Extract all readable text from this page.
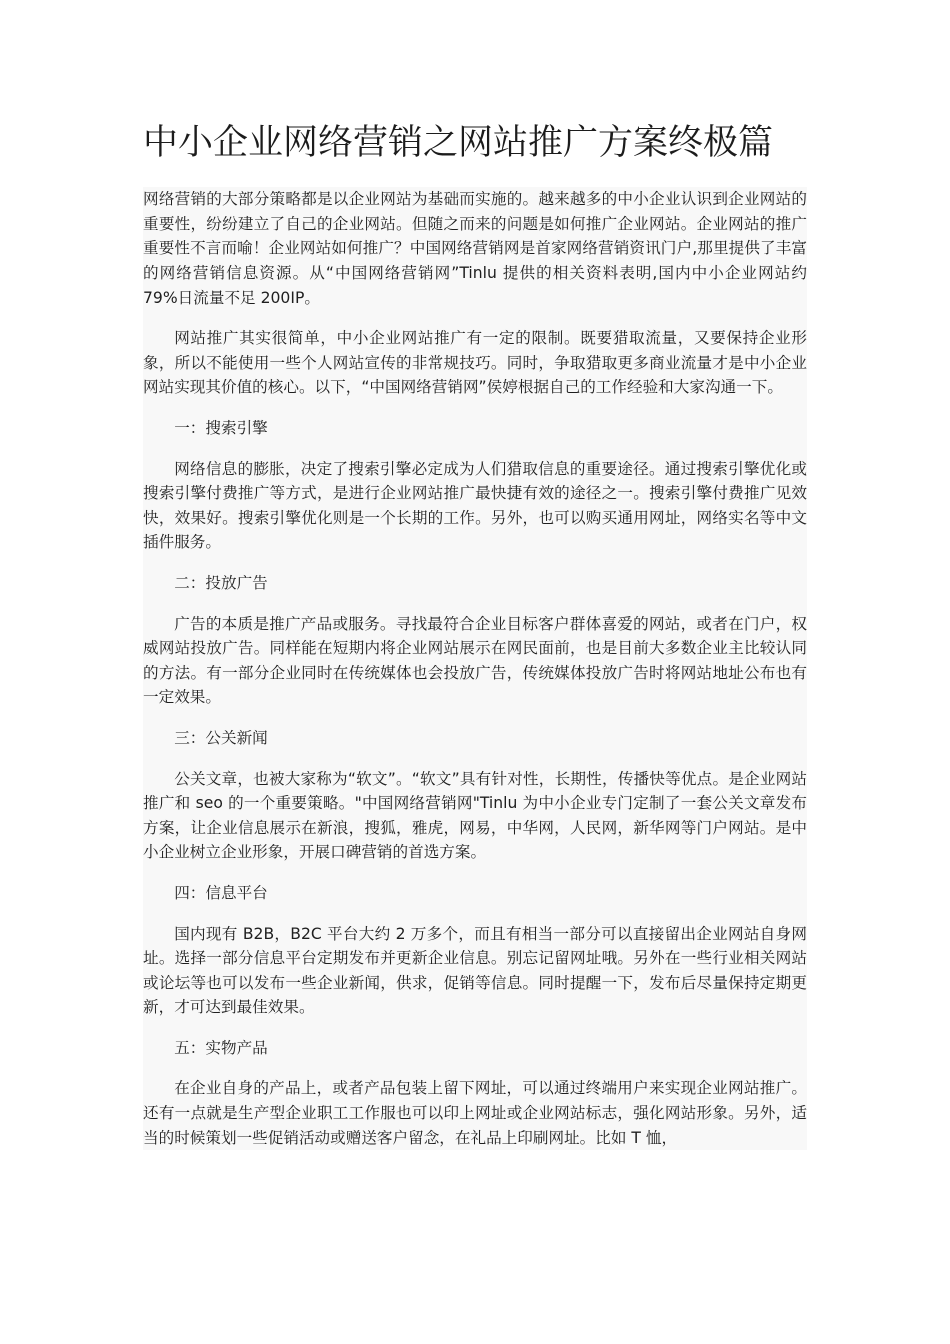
中小企业网络营销之网站推广方案终极篇

网络营销的大部分策略都是以企业网站为基础而实施的。越来越多的中小企业认识到企业网站的重要性，纷纷建立了自己的企业网站。但随之而来的问题是如何推广企业网站。企业网站的推广重要性不言而喻！企业网站如何推广？中国网络营销网是首家网络营销资讯门户,那里提供了丰富的网络营销信息资源。从“中国网络营销网”Tinlu 提供的相关资料表明,国内中小企业网站约 79%日流量不足 200IP。

网站推广其实很简单，中小企业网站推广有一定的限制。既要猎取流量，又要保持企业形象，所以不能使用一些个人网站宣传的非常规技巧。同时，争取猎取更多商业流量才是中小企业网站实现其价值的核心。以下，“中国网络营销网”侯婷根据自己的工作经验和大家沟通一下。

一：搜索引擎

网络信息的膨胀，决定了搜索引擎必定成为人们猎取信息的重要途径。通过搜索引擎优化或搜索引擎付费推广等方式，是进行企业网站推广最快捷有效的途径之一。搜索引擎付费推广见效快，效果好。搜索引擎优化则是一个长期的工作。另外，也可以购买通用网址，网络实名等中文插件服务。

二：投放广告

广告的本质是推广产品或服务。寻找最符合企业目标客户群体喜爱的网站，或者在门户，权威网站投放广告。同样能在短期内将企业网站展示在网民面前，也是目前大多数企业主比较认同的方法。有一部分企业同时在传统媒体也会投放广告，传统媒体投放广告时将网站地址公布也有一定效果。

三：公关新闻

公关文章，也被大家称为“软文”。“软文”具有针对性，长期性，传播快等优点。是企业网站推广和 seo 的一个重要策略。"中国网络营销网"Tinlu 为中小企业专门定制了一套公关文章发布方案，让企业信息展示在新浪，搜狐，雅虎，网易，中华网，人民网，新华网等门户网站。是中小企业树立企业形象，开展口碑营销的首选方案。

四：信息平台

国内现有 B2B，B2C 平台大约 2 万多个，而且有相当一部分可以直接留出企业网站自身网址。选择一部分信息平台定期发布并更新企业信息。别忘记留网址哦。另外在一些行业相关网站或论坛等也可以发布一些企业新闻，供求，促销等信息。同时提醒一下，发布后尽量保持定期更新，才可达到最佳效果。

五：实物产品

在企业自身的产品上，或者产品包装上留下网址，可以通过终端用户来实现企业网站推广。还有一点就是生产型企业职工工作服也可以印上网址或企业网站标志，强化网站形象。另外，适当的时候策划一些促销活动或赠送客户留念，在礼品上印刷网址。比如 T 恤，
